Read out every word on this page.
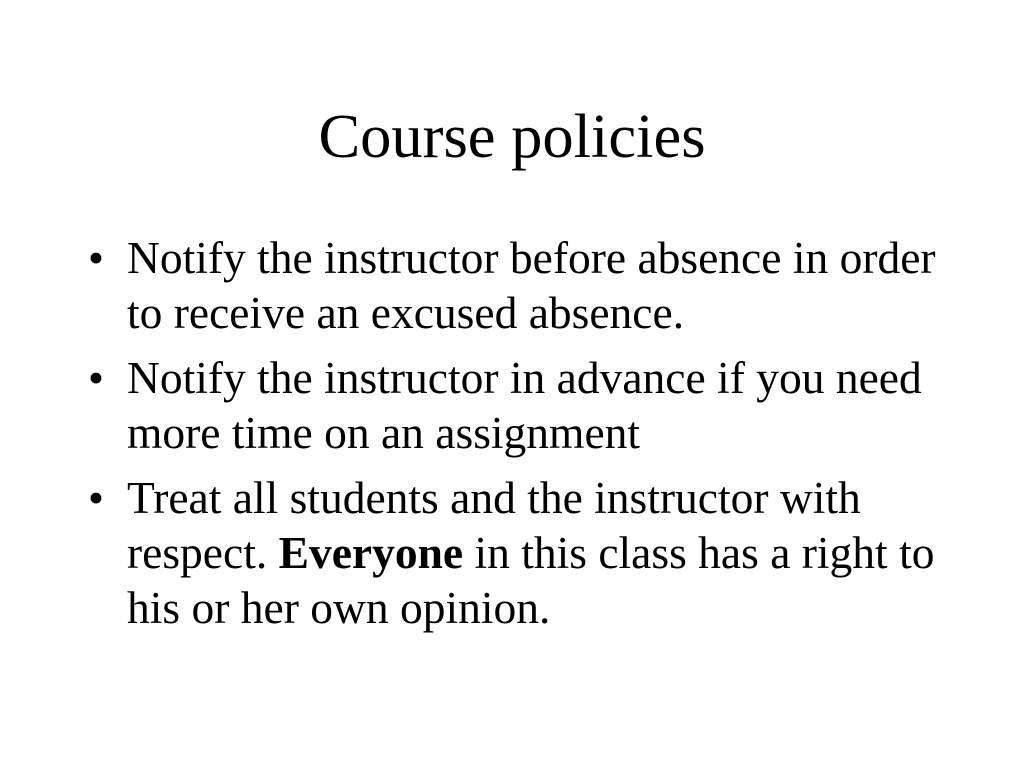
Course policies
• Notify the instructor before absence in order to receive an excused absence.
• Notify the instructor in advance if you need more time on an assignment
• Treat all students and the instructor with respect. Everyone in this class has a right to his or her own opinion.
